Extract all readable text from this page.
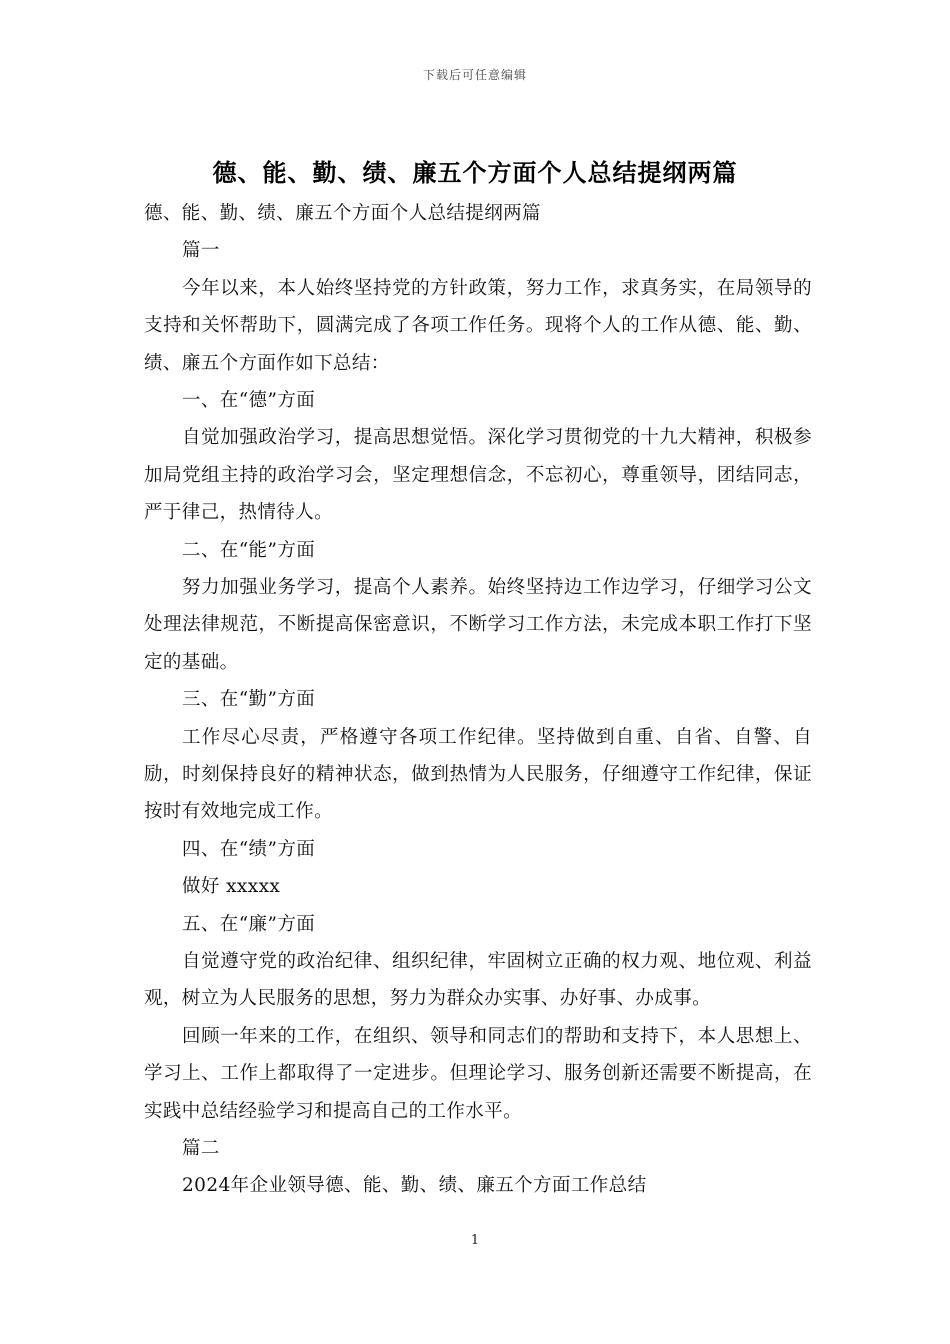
下载后可任意编辑
德、能、勤、绩、廉五个方面个人总结提纲两篇
德、能、勤、绩、廉五个方面个人总结提纲两篇
篇一
今年以来，本人始终坚持党的方针政策，努力工作，求真务实，在局领导的支持和关怀帮助下，圆满完成了各项工作任务。现将个人的工作从德、能、勤、绩、廉五个方面作如下总结：
一、在“德”方面
自觉加强政治学习，提高思想觉悟。深化学习贯彻党的十九大精神，积极参加局党组主持的政治学习会，坚定理想信念，不忘初心，尊重领导，团结同志，严于律己，热情待人。
二、在“能”方面
努力加强业务学习，提高个人素养。始终坚持边工作边学习，仔细学习公文处理法律规范，不断提高保密意识，不断学习工作方法，未完成本职工作打下坚定的基础。
三、在“勤”方面
工作尽心尽责，严格遵守各项工作纪律。坚持做到自重、自省、自警、自励，时刻保持良好的精神状态，做到热情为人民服务，仔细遵守工作纪律，保证按时有效地完成工作。
四、在“绩”方面
做好 xxxxx
五、在“廉”方面
自觉遵守党的政治纪律、组织纪律，牢固树立正确的权力观、地位观、利益观，树立为人民服务的思想，努力为群众办实事、办好事、办成事。
回顾一年来的工作，在组织、领导和同志们的帮助和支持下，本人思想上、学习上、工作上都取得了一定进步。但理论学习、服务创新还需要不断提高，在实践中总结经验学习和提高自己的工作水平。
篇二
2024年企业领导德、能、勤、绩、廉五个方面工作总结
1
